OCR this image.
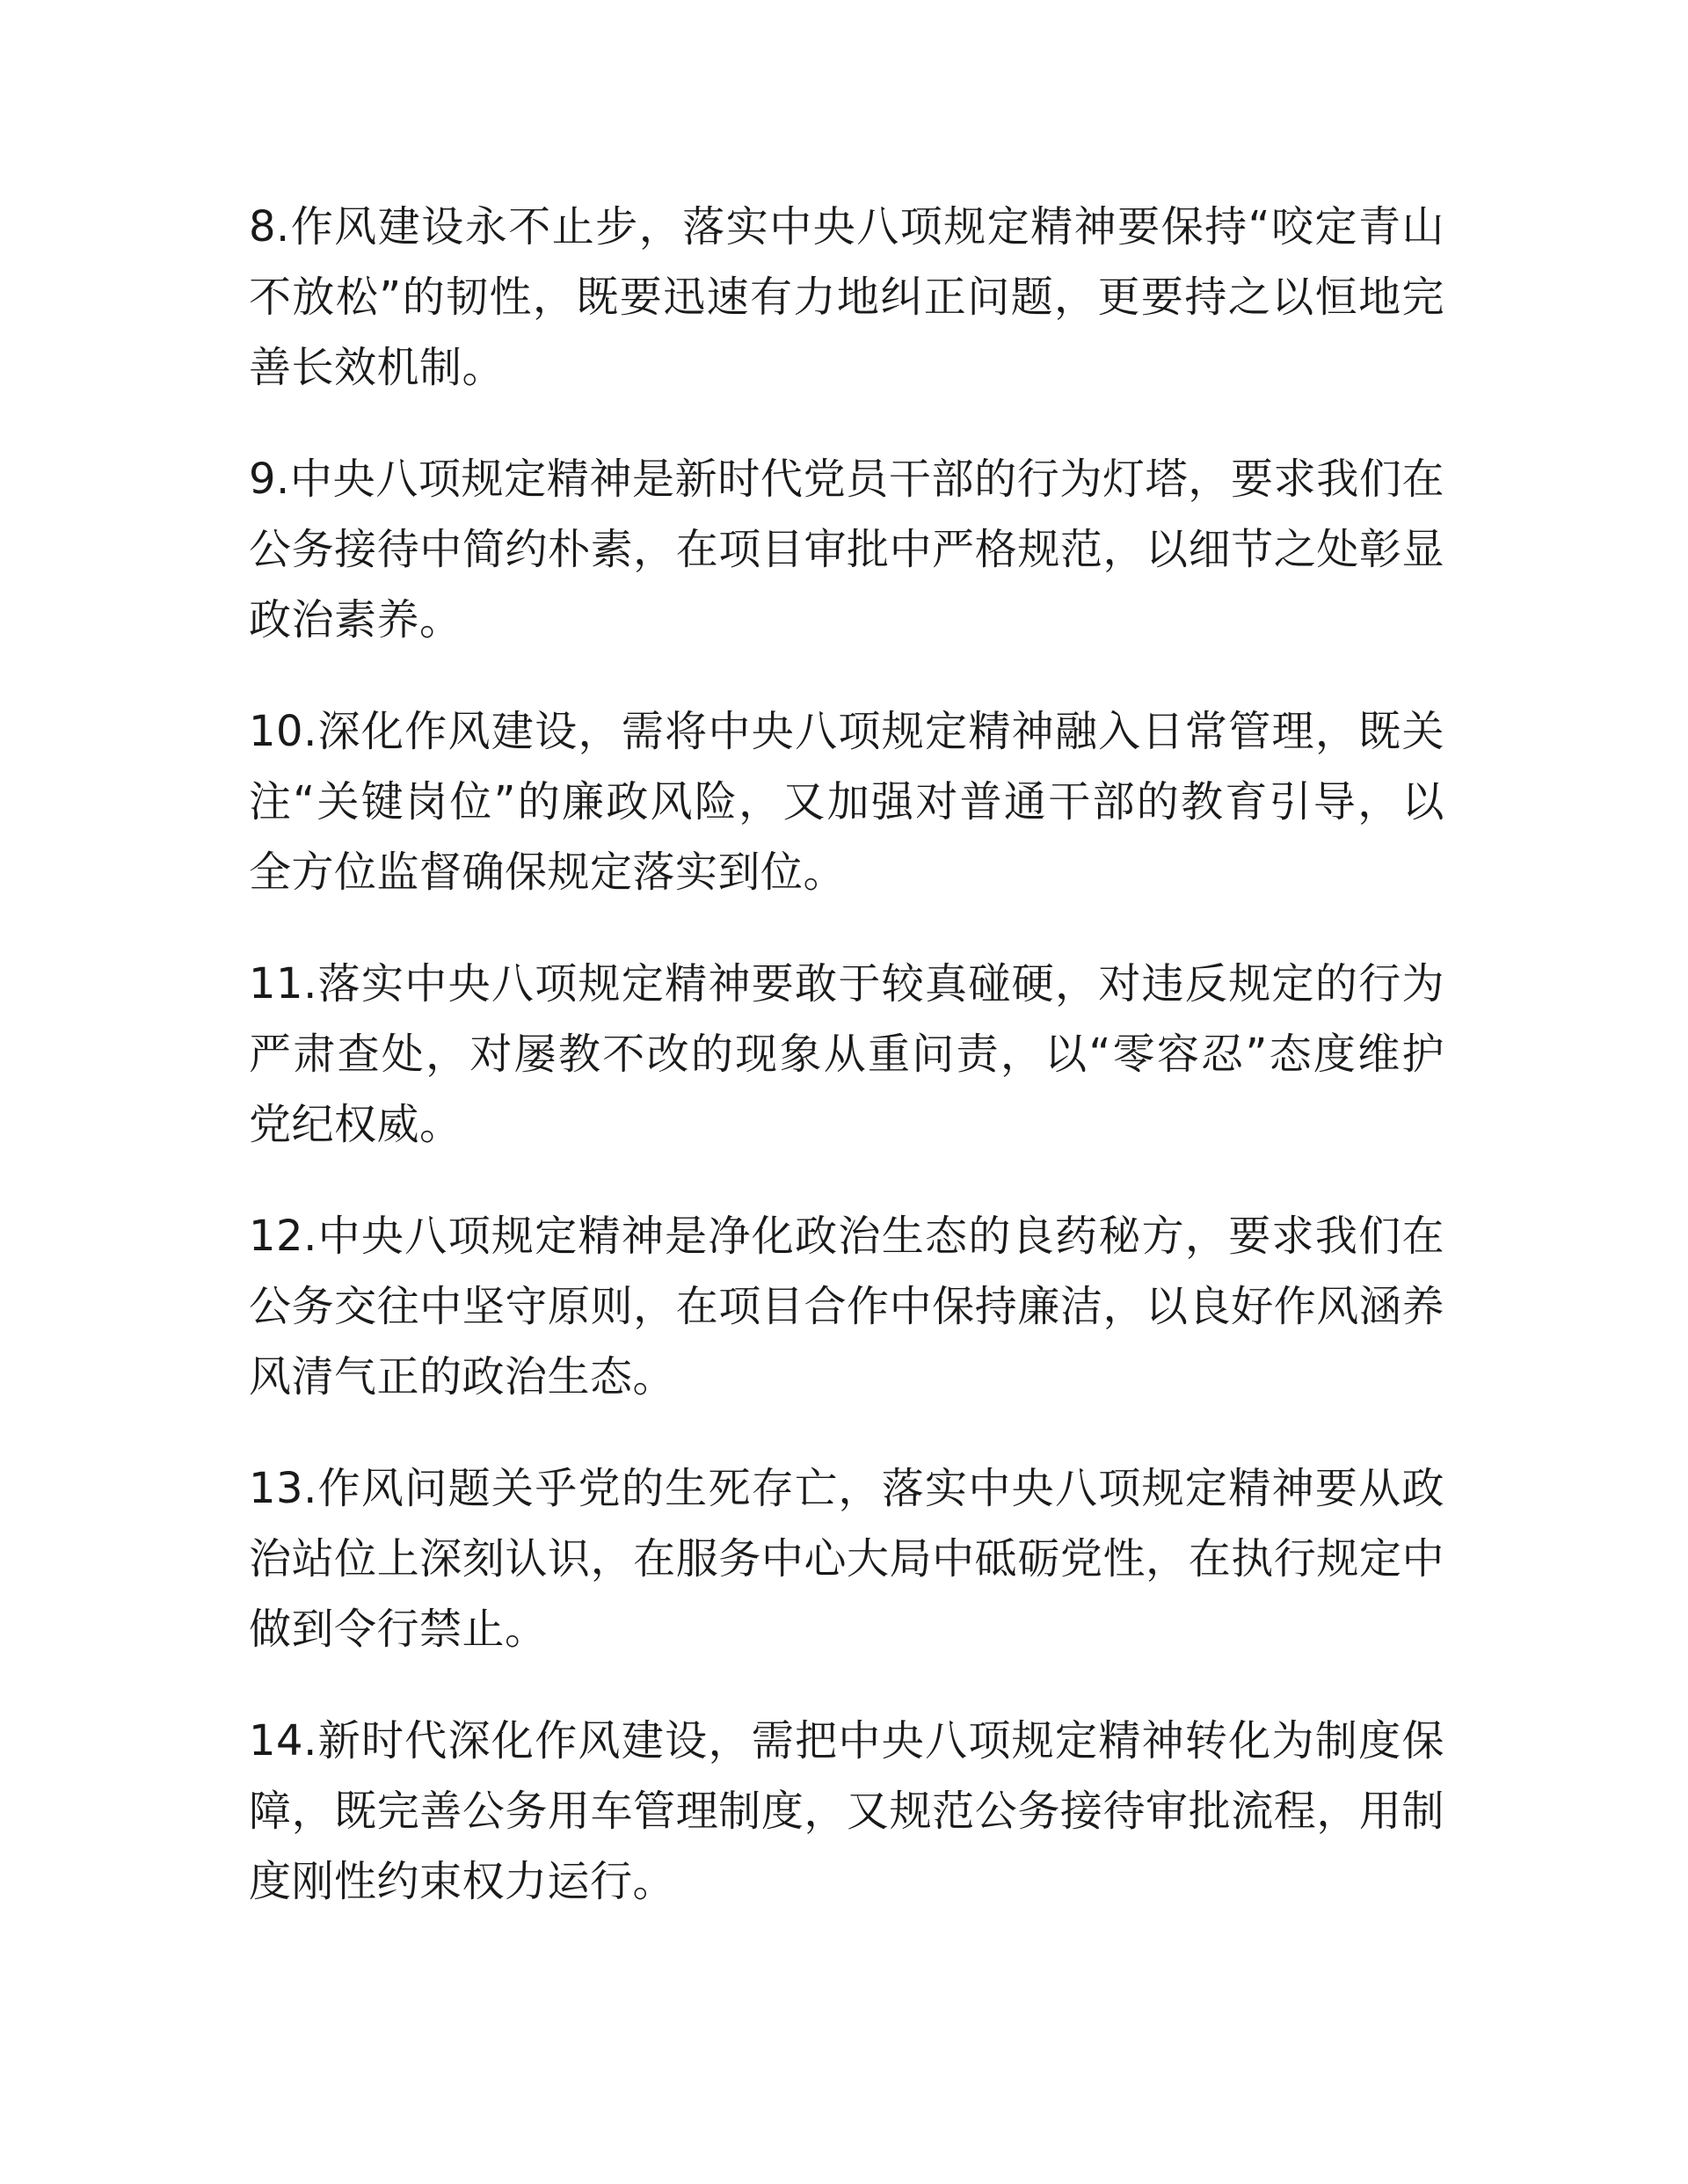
8.作风建设永不止步，落实中央八项规定精神要保持“咬定青山不放松”的韧性，既要迅速有力地纠正问题，更要持之以恒地完善长效机制。

9.中央八项规定精神是新时代党员干部的行为灯塔，要求我们在公务接待中简约朴素，在项目审批中严格规范，以细节之处彰显政治素养。

10.深化作风建设，需将中央八项规定精神融入日常管理，既关注“关键岗位”的廉政风险，又加强对普通干部的教育引导，以全方位监督确保规定落实到位。

11.落实中央八项规定精神要敢于较真碰硬，对违反规定的行为严肃查处，对屡教不改的现象从重问责，以“零容忍”态度维护党纪权威。

12.中央八项规定精神是净化政治生态的良药秘方，要求我们在公务交往中坚守原则，在项目合作中保持廉洁，以良好作风涵养风清气正的政治生态。

13.作风问题关乎党的生死存亡，落实中央八项规定精神要从政治站位上深刻认识，在服务中心大局中砥砺党性，在执行规定中做到令行禁止。

14.新时代深化作风建设，需把中央八项规定精神转化为制度保障，既完善公务用车管理制度，又规范公务接待审批流程，用制度刚性约束权力运行。
